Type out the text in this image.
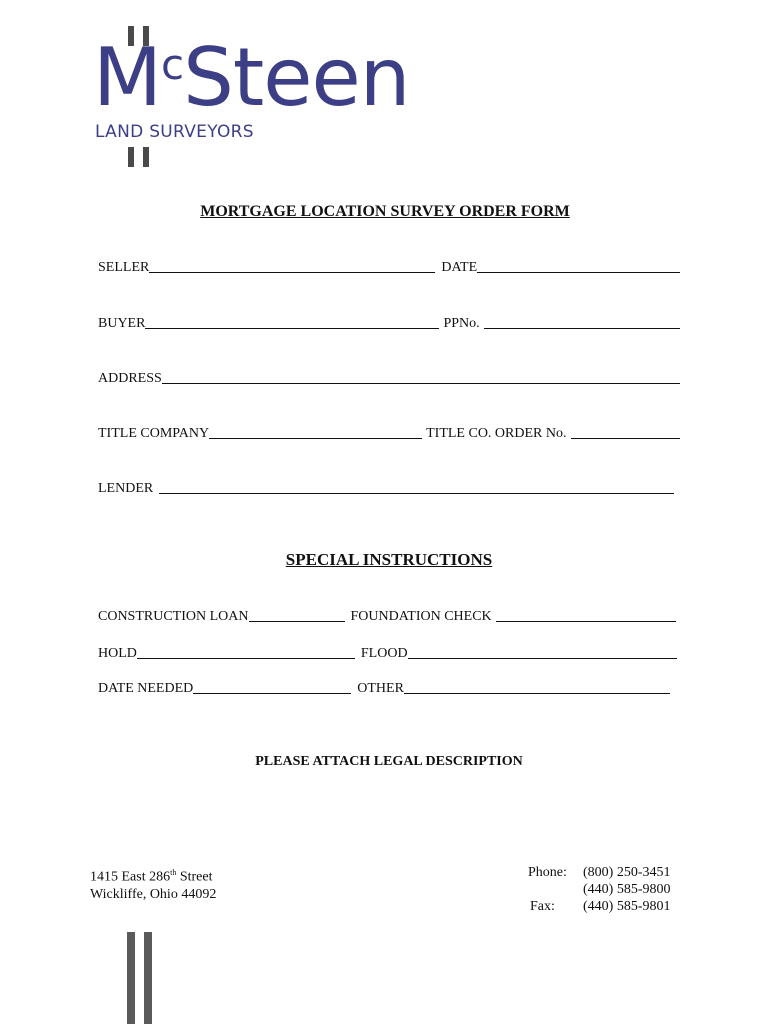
$M^cSteen$
LAND SURVEYORS
MORTGAGE LOCATION SURVEY ORDER FORM
SELLER	DATE
BUYER	PPNo.
ADDRESS
TITLE COMPANY	TITLE CO. ORDER No.
LENDER
SPECIAL INSTRUCTIONS
CONSTRUCTION LOAN	FOUNDATION CHECK
HOLD	FLOOD
DATE NEEDED	OTHER
PLEASE ATTACH LEGAL DESCRIPTION
1415 East 286th Street
Wickliffe, Ohio 44092
Phone:	(800) 250-3451
(440) 585-9800
Fax:	(440) 585-9801
